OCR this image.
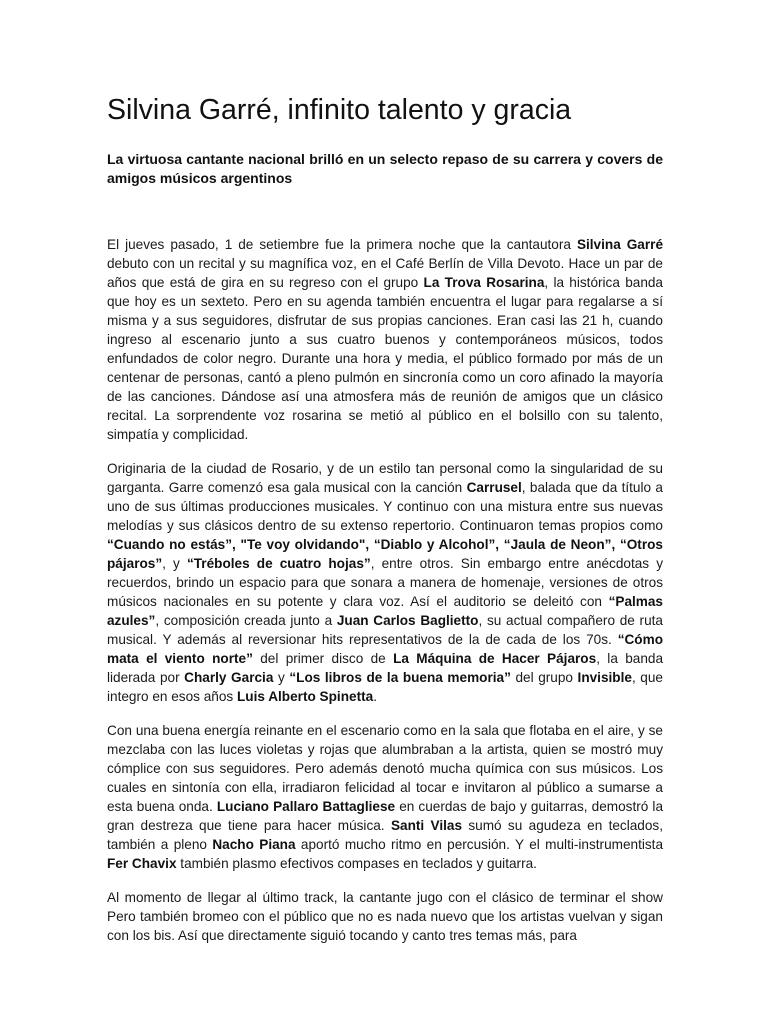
Silvina Garré, infinito talento y gracia

La virtuosa cantante nacional brilló en un selecto repaso de su carrera y covers de amigos músicos argentinos

El jueves pasado, 1 de setiembre fue la primera noche que la cantautora Silvina Garré debuto con un recital y su magnífica voz, en el Café Berlín de Villa Devoto. Hace un par de años que está de gira en su regreso con el grupo La Trova Rosarina, la histórica banda que hoy es un sexteto. Pero en su agenda también encuentra el lugar para regalarse a sí misma y a sus seguidores, disfrutar de sus propias canciones. Eran casi las 21 h, cuando ingreso al escenario junto a sus cuatro buenos y contemporáneos músicos, todos enfundados de color negro. Durante una hora y media, el público formado por más de un centenar de personas, cantó a pleno pulmón en sincronía como un coro afinado la mayoría de las canciones. Dándose así una atmosfera más de reunión de amigos que un clásico recital. La sorprendente voz rosarina se metió al público en el bolsillo con su talento, simpatía y complicidad.

Originaria de la ciudad de Rosario, y de un estilo tan personal como la singularidad de su garganta. Garre comenzó esa gala musical con la canción Carrusel, balada que da título a uno de sus últimas producciones musicales. Y continuo con una mistura entre sus nuevas melodías y sus clásicos dentro de su extenso repertorio. Continuaron temas propios como “Cuando no estás”, "Te voy olvidando", “Diablo y Alcohol”, “Jaula de Neon”, “Otros pájaros”, y “Tréboles de cuatro hojas”, entre otros. Sin embargo entre anécdotas y recuerdos, brindo un espacio para que sonara a manera de homenaje, versiones de otros músicos nacionales en su potente y clara voz. Así el auditorio se deleitó con “Palmas azules”, composición creada junto a Juan Carlos Baglietto, su actual compañero de ruta musical. Y además al reversionar hits representativos de la de cada de los 70s. “Cómo mata el viento norte” del primer disco de La Máquina de Hacer Pájaros, la banda liderada por Charly Garcia y “Los libros de la buena memoria” del grupo Invisible, que integro en esos años Luis Alberto Spinetta.

Con una buena energía reinante en el escenario como en la sala que flotaba en el aire, y se mezclaba con las luces violetas y rojas que alumbraban a la artista, quien se mostró muy cómplice con sus seguidores. Pero además denotó mucha química con sus músicos. Los cuales en sintonía con ella, irradiaron felicidad al tocar e invitaron al público a sumarse a esta buena onda. Luciano Pallaro Battagliese en cuerdas de bajo y guitarras, demostró la gran destreza que tiene para hacer música. Santi Vilas sumó su agudeza en teclados, también a pleno Nacho Piana aportó mucho ritmo en percusión. Y el multi-instrumentista Fer Chavix también plasmo efectivos compases en teclados y guitarra.

Al momento de llegar al último track, la cantante jugo con el clásico de terminar el show Pero también bromeo con el público que no es nada nuevo que los artistas vuelvan y sigan con los bis. Así que directamente siguió tocando y canto tres temas más, para
